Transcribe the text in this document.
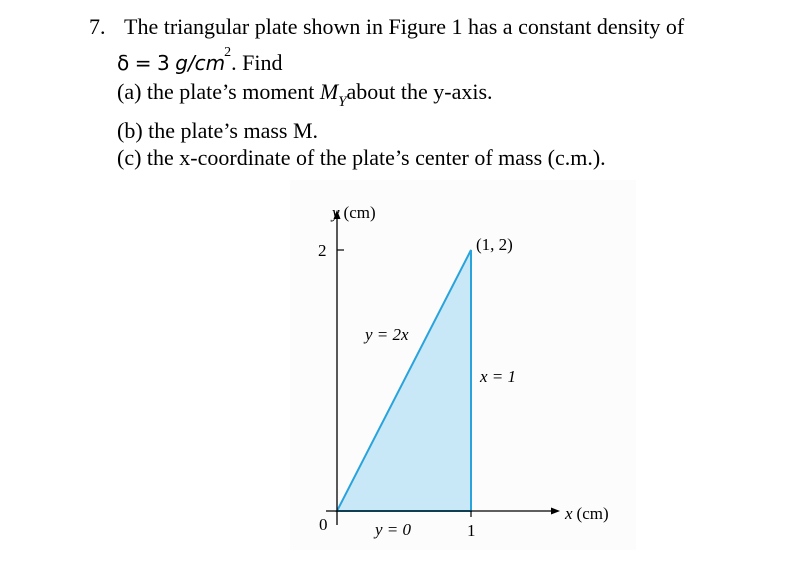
7. The triangular plate shown in Figure 1 has a constant density of
δ = 3 $g/cm^2$. Find
(a) the plate’s moment $M_Yabout$ the y-axis.
(b) the plate’s mass M.
(c) the x-coordinate of the plate’s center of mass (c.m.).
y (cm)
x (cm)
2
0	1
(1, 2)
y = 2x
x = 1
y = 0
